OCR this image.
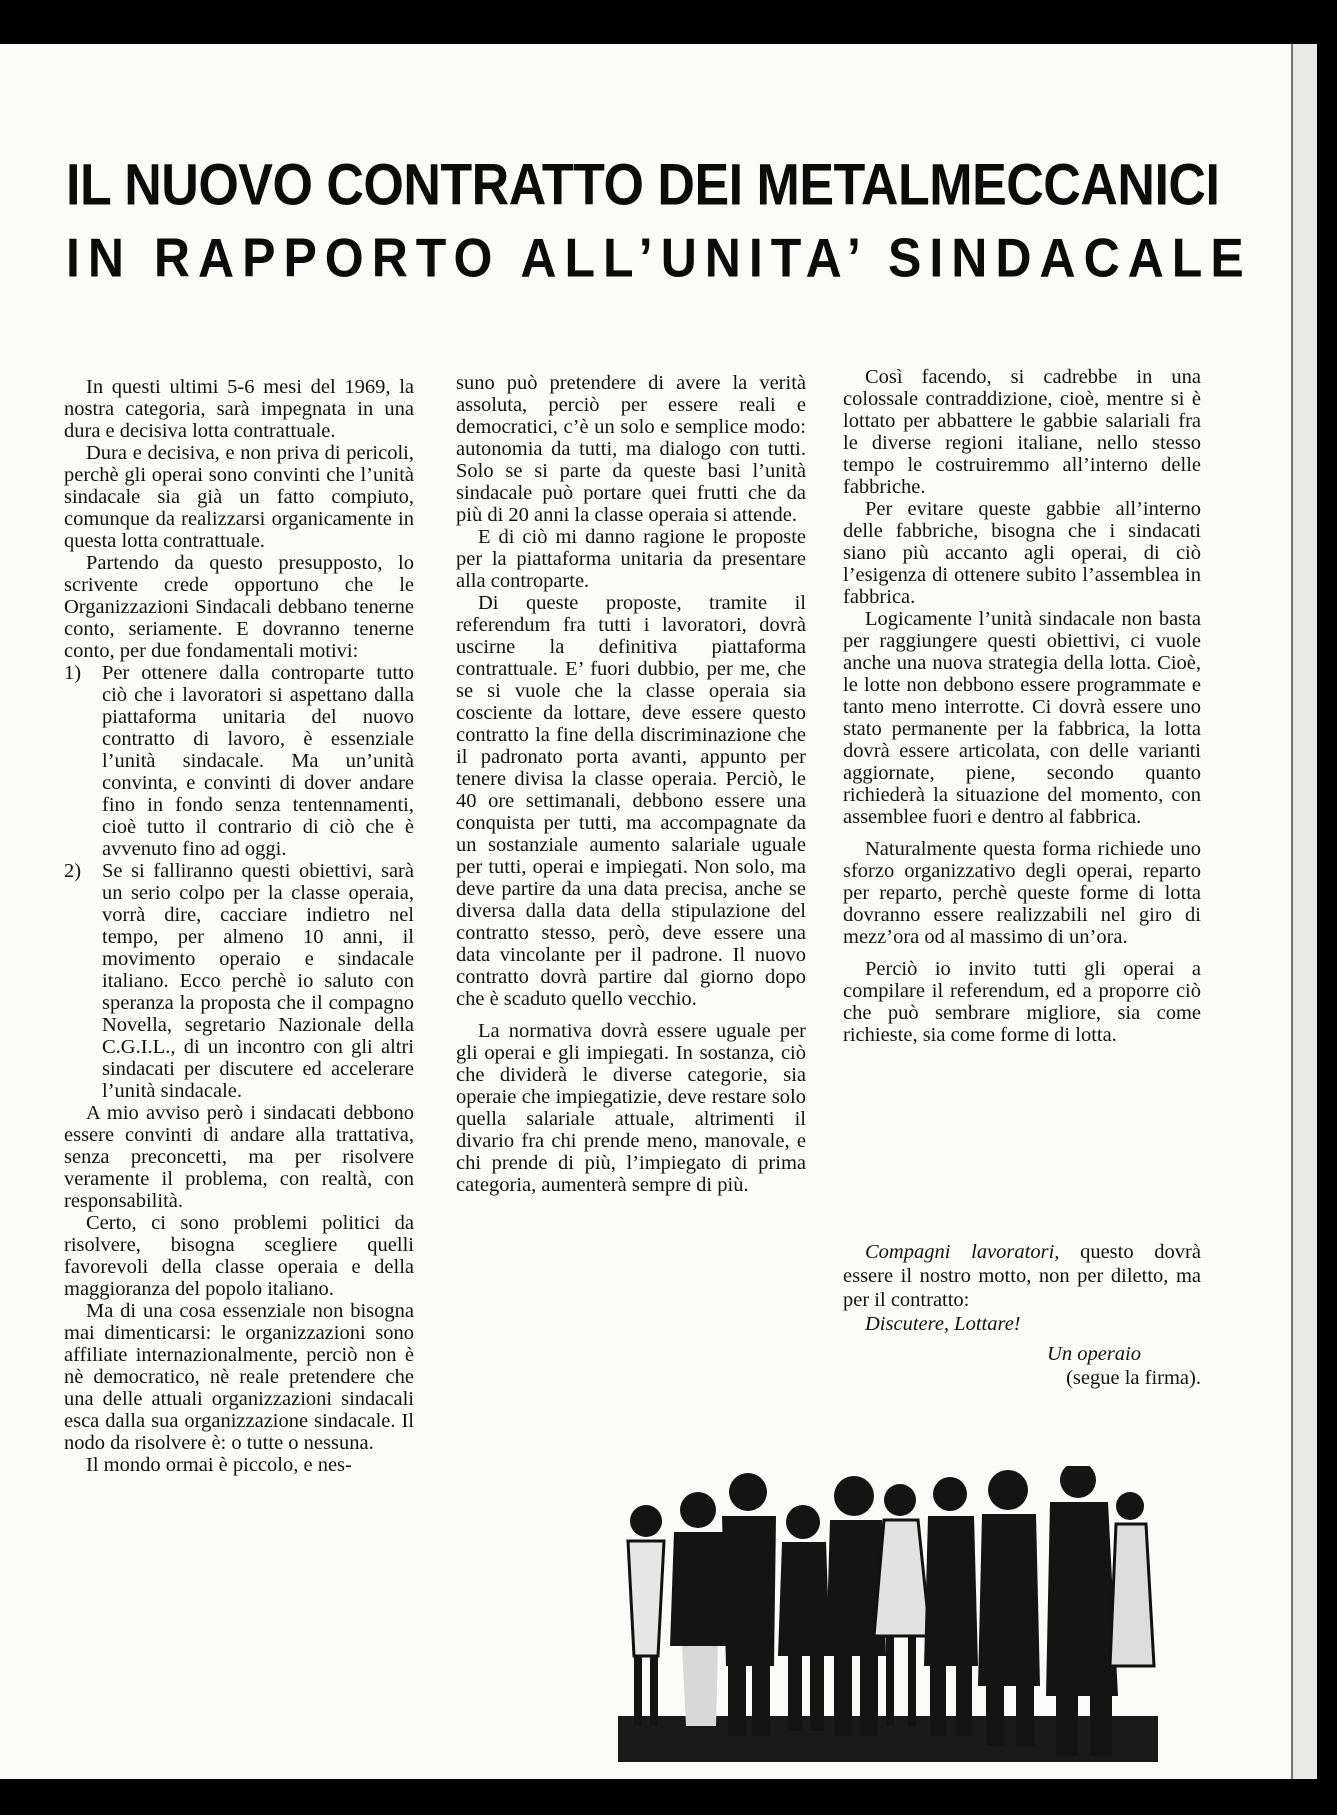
IL NUOVO CONTRATTO DEI METALMECCANICI
IN RAPPORTO ALL’UNITA’ SINDACALE

In questi ultimi 5-6 mesi del 1969, la nostra categoria, sarà impegnata in una dura e decisiva lotta contrattuale.

Dura e decisiva, e non priva di pericoli, perchè gli operai sono convinti che l’unità sindacale sia già un fatto compiuto, comunque da realizzarsi organicamente in questa lotta contrattuale.

Partendo da questo presupposto, lo scrivente crede opportuno che le Organizzazioni Sindacali debbano tenerne conto, seriamente. E dovranno tenerne conto, per due fondamentali motivi:

1) Per ottenere dalla controparte tutto ciò che i lavoratori si aspettano dalla piattaforma unitaria del nuovo contratto di lavoro, è essenziale l’unità sindacale. Ma un’unità convinta, e convinti di dover andare fino in fondo senza tentennamenti, cioè tutto il contrario di ciò che è avvenuto fino ad oggi.
2) Se si falliranno questi obiettivi, sarà un serio colpo per la classe operaia, vorrà dire, cacciare indietro nel tempo, per almeno 10 anni, il movimento operaio e sindacale italiano. Ecco perchè io saluto con speranza la proposta che il compagno Novella, segretario Nazionale della C.G.I.L., di un incontro con gli altri sindacati per discutere ed accelerare l’unità sindacale.

A mio avviso però i sindacati debbono essere convinti di andare alla trattativa, senza preconcetti, ma per risolvere veramente il problema, con realtà, con responsabilità.

Certo, ci sono problemi politici da risolvere, bisogna scegliere quelli favorevoli della classe operaia e della maggioranza del popolo italiano.

Ma di una cosa essenziale non bisogna mai dimenticarsi: le organizzazioni sono affiliate internazionalmente, perciò non è nè democratico, nè reale pretendere che una delle attuali organizzazioni sindacali esca dalla sua organizzazione sindacale. Il nodo da risolvere è: o tutte o nessuna.

Il mondo ormai è piccolo, e nes-

suno può pretendere di avere la verità assoluta, perciò per essere reali e democratici, c’è un solo e semplice modo: autonomia da tutti, ma dialogo con tutti. Solo se si parte da queste basi l’unità sindacale può portare quei frutti che da più di 20 anni la classe operaia si attende.

E di ciò mi danno ragione le proposte per la piattaforma unitaria da presentare alla controparte.

Di queste proposte, tramite il referendum fra tutti i lavoratori, dovrà uscirne la definitiva piattaforma contrattuale. E’ fuori dubbio, per me, che se si vuole che la classe operaia sia cosciente da lottare, deve essere questo contratto la fine della discriminazione che il padronato porta avanti, appunto per tenere divisa la classe operaia. Perciò, le 40 ore settimanali, debbono essere una conquista per tutti, ma accompagnate da un sostanziale aumento salariale uguale per tutti, operai e impiegati. Non solo, ma deve partire da una data precisa, anche se diversa dalla data della stipulazione del contratto stesso, però, deve essere una data vincolante per il padrone. Il nuovo contratto dovrà partire dal giorno dopo che è scaduto quello vecchio.

La normativa dovrà essere uguale per gli operai e gli impiegati. In sostanza, ciò che dividerà le diverse categorie, sia operaie che impiegatizie, deve restare solo quella salariale attuale, altrimenti il divario fra chi prende meno, manovale, e chi prende di più, l’impiegato di prima categoria, aumenterà sempre di più.

Così facendo, si cadrebbe in una colossale contraddizione, cioè, mentre si è lottato per abbattere le gabbie salariali fra le diverse regioni italiane, nello stesso tempo le costruiremmo all’interno delle fabbriche.

Per evitare queste gabbie all’interno delle fabbriche, bisogna che i sindacati siano più accanto agli operai, di ciò l’esigenza di ottenere subito l’assemblea in fabbrica.

Logicamente l’unità sindacale non basta per raggiungere questi obiettivi, ci vuole anche una nuova strategia della lotta. Cioè, le lotte non debbono essere programmate e tanto meno interrotte. Ci dovrà essere uno stato permanente per la fabbrica, la lotta dovrà essere articolata, con delle varianti aggiornate, piene, secondo quanto richiederà la situazione del momento, con assemblee fuori e dentro al fabbrica.

Naturalmente questa forma richiede uno sforzo organizzativo degli operai, reparto per reparto, perchè queste forme di lotta dovranno essere realizzabili nel giro di mezz’ora od al massimo di un’ora.

Perciò io invito tutti gli operai a compilare il referendum, ed a proporre ciò che può sembrare migliore, sia come richieste, sia come forme di lotta.

Compagni lavoratori, questo dovrà essere il nostro motto, non per diletto, ma per il contratto:
Discutere, Lottare!
Un operaio
(segue la firma).
